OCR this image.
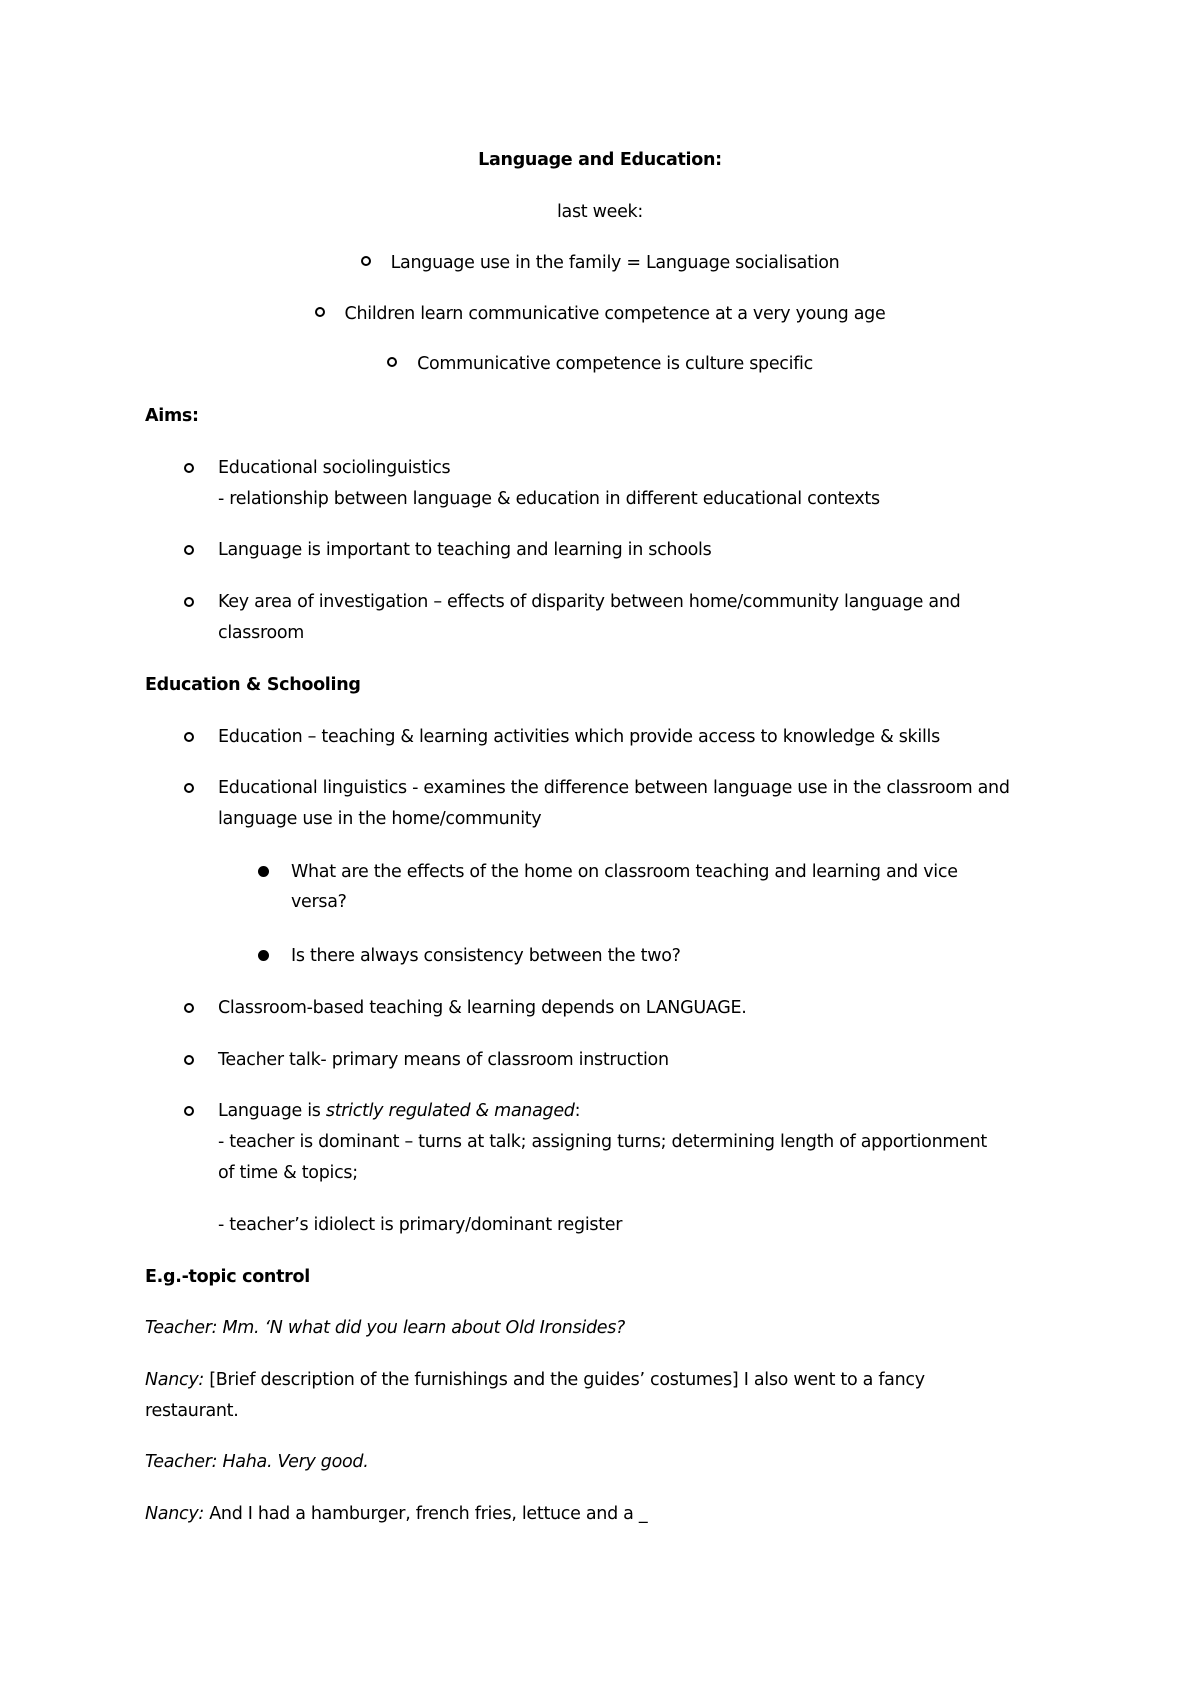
Language and Education:
last week:
Language use in the family = Language socialisation
Children learn communicative competence at a very young age
Communicative competence is culture specific
Aims:
Educational sociolinguistics
- relationship between language & education in different educational contexts
Language is important to teaching and learning in schools
Key area of investigation – effects of disparity between home/community language and
classroom
Education & Schooling
Education – teaching & learning activities which provide access to knowledge & skills
Educational linguistics - examines the difference between language use in the classroom and
language use in the home/community
What are the effects of the home on classroom teaching and learning and vice
versa?
Is there always consistency between the two?
Classroom-based teaching & learning depends on LANGUAGE.
Teacher talk- primary means of classroom instruction
Language is strictly regulated & managed:
- teacher is dominant – turns at talk; assigning turns; determining length of apportionment
of time & topics;
- teacher’s idiolect is primary/dominant register
E.g.-topic control
Teacher: Mm. ‘N what did you learn about Old Ironsides?
Nancy: [Brief description of the furnishings and the guides’ costumes] I also went to a fancy
restaurant.
Teacher: Haha. Very good.
Nancy: And I had a hamburger, french fries, lettuce and a _
